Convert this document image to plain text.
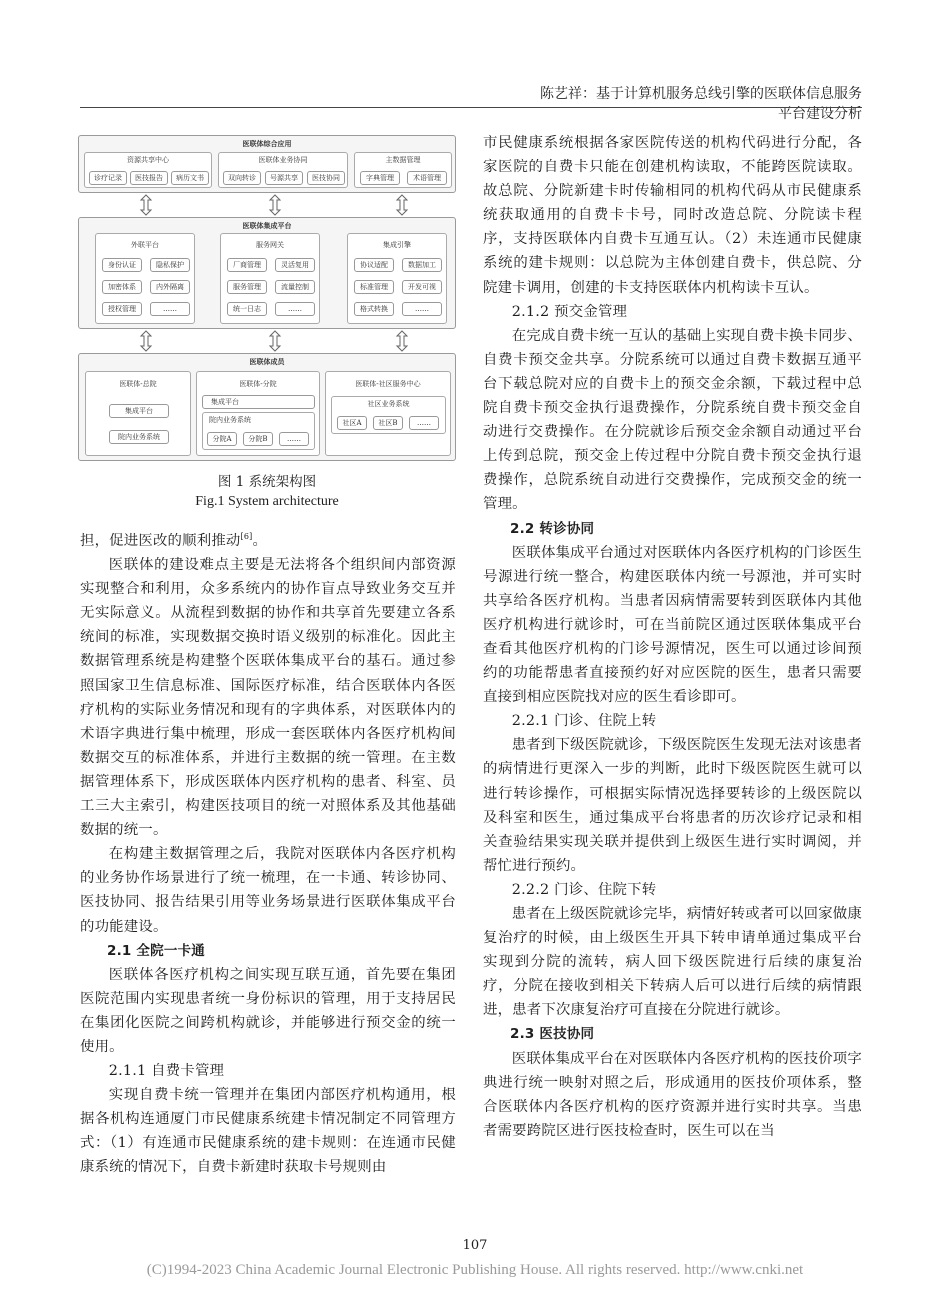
陈艺祥：基于计算机服务总线引擎的医联体信息服务平台建设分析
医联体综合应用
资源共享中心
诊疗记录	医技报告	病历文书
医联体业务协同
双向转诊	号源共享	医技协同
主数据管理
字典管理	术语管理
医联体集成平台
外联平台
身份认证	隐私保护
加密体系	内外隔离
授权管理	……
服务网关
厂商管理	灵活复用
服务管理	流量控制
统一日志	……
集成引擎
协议适配	数据加工
标准管理	开发可视
格式转换	……
医联体成员
医联体-总院
集成平台
院内业务系统
医联体-分院
集成平台
院内业务系统
分院A	分院B	……
医联体-社区服务中心
社区业务系统
社区A	社区B	……
图 1 系统架构图
Fig.1 System architecture

担，促进医改的顺利推动[6]。

医联体的建设难点主要是无法将各个组织间内部资源实现整合和利用，众多系统内的协作盲点导致业务交互并无实际意义。从流程到数据的协作和共享首先要建立各系统间的标准，实现数据交换时语义级别的标准化。因此主数据管理系统是构建整个医联体集成平台的基石。通过参照国家卫生信息标准、国际医疗标准，结合医联体内各医疗机构的实际业务情况和现有的字典体系，对医联体内的术语字典进行集中梳理，形成一套医联体内各医疗机构间数据交互的标准体系，并进行主数据的统一管理。在主数据管理体系下，形成医联体内医疗机构的患者、科室、员工三大主索引，构建医技项目的统一对照体系及其他基础数据的统一。

在构建主数据管理之后，我院对医联体内各医疗机构的业务协作场景进行了统一梳理，在一卡通、转诊协同、医技协同、报告结果引用等业务场景进行医联体集成平台的功能建设。

2.1 全院一卡通

医联体各医疗机构之间实现互联互通，首先要在集团医院范围内实现患者统一身份标识的管理，用于支持居民在集团化医院之间跨机构就诊，并能够进行预交金的统一使用。

2.1.1 自费卡管理

实现自费卡统一管理并在集团内部医疗机构通用，根据各机构连通厦门市民健康系统建卡情况制定不同管理方式：（1）有连通市民健康系统的建卡规则：在连通市民健康系统的情况下，自费卡新建时获取卡号规则由

市民健康系统根据各家医院传送的机构代码进行分配，各家医院的自费卡只能在创建机构读取，不能跨医院读取。故总院、分院新建卡时传输相同的机构代码从市民健康系统获取通用的自费卡卡号，同时改造总院、分院读卡程序，支持医联体内自费卡互通互认。（2）未连通市民健康系统的建卡规则：以总院为主体创建自费卡，供总院、分院建卡调用，创建的卡支持医联体内机构读卡互认。

2.1.2 预交金管理

在完成自费卡统一互认的基础上实现自费卡换卡同步、自费卡预交金共享。分院系统可以通过自费卡数据互通平台下载总院对应的自费卡上的预交金余额，下载过程中总院自费卡预交金执行退费操作，分院系统自费卡预交金自动进行交费操作。在分院就诊后预交金余额自动通过平台上传到总院，预交金上传过程中分院自费卡预交金执行退费操作，总院系统自动进行交费操作，完成预交金的统一管理。

2.2 转诊协同

医联体集成平台通过对医联体内各医疗机构的门诊医生号源进行统一整合，构建医联体内统一号源池，并可实时共享给各医疗机构。当患者因病情需要转到医联体内其他医疗机构进行就诊时，可在当前院区通过医联体集成平台查看其他医疗机构的门诊号源情况，医生可以通过诊间预约的功能帮患者直接预约好对应医院的医生，患者只需要直接到相应医院找对应的医生看诊即可。

2.2.1 门诊、住院上转

患者到下级医院就诊，下级医院医生发现无法对该患者的病情进行更深入一步的判断，此时下级医院医生就可以进行转诊操作，可根据实际情况选择要转诊的上级医院以及科室和医生，通过集成平台将患者的历次诊疗记录和相关查验结果实现关联并提供到上级医生进行实时调阅，并帮忙进行预约。

2.2.2 门诊、住院下转

患者在上级医院就诊完毕，病情好转或者可以回家做康复治疗的时候，由上级医生开具下转申请单通过集成平台实现到分院的流转，病人回下级医院进行后续的康复治疗，分院在接收到相关下转病人后可以进行后续的病情跟进，患者下次康复治疗可直接在分院进行就诊。

2.3 医技协同

医联体集成平台在对医联体内各医疗机构的医技价项字典进行统一映射对照之后，形成通用的医技价项体系，整合医联体内各医疗机构的医疗资源并进行实时共享。当患者需要跨院区进行医技检查时，医生可以在当

107
(C)1994-2023 China Academic Journal Electronic Publishing House. All rights reserved. http://www.cnki.net
